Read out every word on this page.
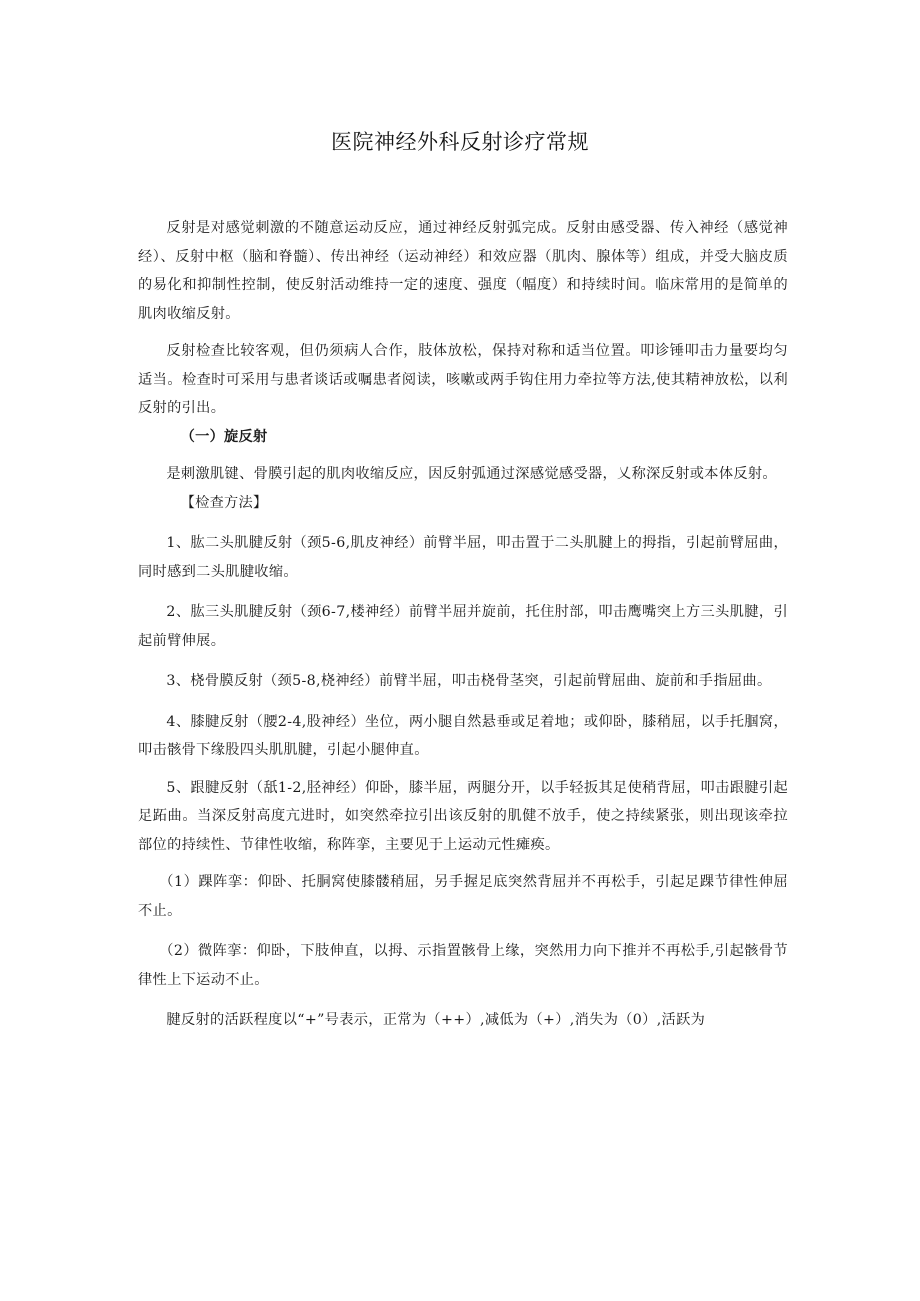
医院神经外科反射诊疗常规

反射是对感觉刺激的不随意运动反应，通过神经反射弧完成。反射由感受器、传入神经（感觉神经）、反射中枢（脑和脊髓）、传出神经（运动神经）和效应器（肌肉、腺体等）组成，并受大脑皮质的易化和抑制性控制，使反射活动维持一定的速度、强度（幅度）和持续时间。临床常用的是简单的肌肉收缩反射。

反射检查比较客观，但仍须病人合作，肢体放松，保持对称和适当位置。叩诊锤叩击力量要均匀适当。检查时可采用与患者谈话或嘱患者阅读，咳嗽或两手钩住用力牵拉等方法,使其精神放松，以利反射的引出。

（一）旋反射

是刺激肌键、骨膜引起的肌肉收缩反应，因反射弧通过深感觉感受器，乂称深反射或本体反射。

【检查方法】

1、肱二头肌腱反射（颈5-6,肌皮神经）前臂半屈，叩击置于二头肌腱上的拇指，引起前臂屈曲，同时感到二头肌腱收缩。

2、肱三头肌腱反射（颈6-7,楼神经）前臂半屈并旋前，托住肘部，叩击鹰嘴突上方三头肌腱，引起前臂伸展。

3、桡骨膜反射（颈5-8,桡神经）前臂半屈，叩击桡骨茎突，引起前臂屈曲、旋前和手指屈曲。

4、膝腱反射（腰2-4,股神经）坐位，两小腿自然悬垂或足着地；或仰卧，膝稍屈，以手托腘窝，叩击骸骨下缘股四头肌肌腱，引起小腿伸直。

5、跟腱反射（舐1-2,胫神经）仰卧，膝半屈，两腿分开，以手轻扳其足使稍背屈，叩击跟腱引起足跖曲。当深反射高度亢进时，如突然牵拉引出该反射的肌健不放手，使之持续紧张，则出现该牵拉部位的持续性、节律性收缩，称阵挛，主要见于上运动元性瘫痪。

（1）踝阵挛：仰卧、托胴窝使膝髅稍屈，另手握足底突然背屈并不再松手，引起足踝节律性伸屈不止。

（2）微阵挛：仰卧，下肢伸直，以拇、示指置骸骨上缘，突然用力向下推并不再松手,引起骸骨节律性上下运动不止。

腱反射的活跃程度以“+”号表示，正常为（++）,减低为（+）,消失为（0）,活跃为
